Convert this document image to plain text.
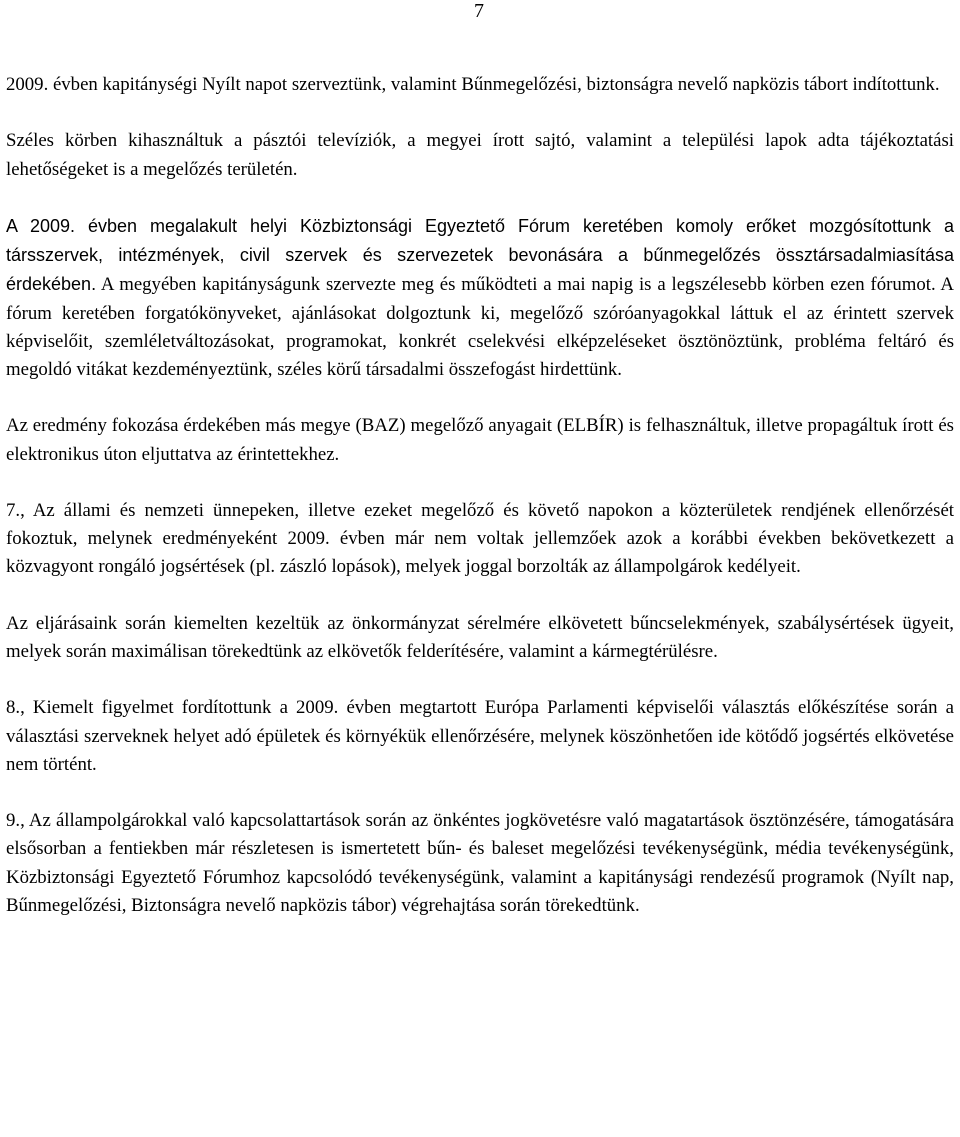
7

2009. évben kapitánységi Nyílt napot szerveztünk, valamint Bűnmegelőzési, biztonságra nevelő napközis tábort indítottunk.

Széles körben kihasználtuk a pásztói televíziók, a megyei írott sajtó, valamint a települési lapok adta tájékoztatási lehetőségeket is a megelőzés területén.

A 2009. évben megalakult helyi Közbiztonsági Egyeztető Fórum keretében komoly erőket mozgósítottunk a társszervek, intézmények, civil szervek és szervezetek bevonására a bűnmegelőzés össztársadalmiasítása érdekében. A megyében kapitányságunk szervezte meg és működteti a mai napig is a legszélesebb körben ezen fórumot. A fórum keretében forgatókönyveket, ajánlásokat dolgoztunk ki, megelőző szóróanyagokkal láttuk el az érintett szervek képviselőit, szemléletváltozásokat, programokat, konkrét cselekvési elképzeléseket ösztönöztünk, probléma feltáró és megoldó vitákat kezdeményeztünk, széles körű társadalmi összefogást hirdettünk.

Az eredmény fokozása érdekében más megye (BAZ) megelőző anyagait (ELBÍR) is felhasználtuk, illetve propagáltuk írott és elektronikus úton eljuttatva az érintettekhez.

7., Az állami és nemzeti ünnepeken, illetve ezeket megelőző és követő napokon a közterületek rendjének ellenőrzését fokoztuk, melynek eredményeként 2009. évben már nem voltak jellemzőek azok a korábbi években bekövetkezett a közvagyont rongáló jogsértések (pl. zászló lopások), melyek joggal borzolták az állampolgárok kedélyeit.

Az eljárásaink során kiemelten kezeltük az önkormányzat sérelmére elkövetett bűncselekmények, szabálysértések ügyeit, melyek során maximálisan törekedtünk az elkövetők felderítésére, valamint a kármegtérülésre.

8., Kiemelt figyelmet fordítottunk a 2009. évben megtartott Európa Parlamenti képviselői választás előkészítése során a választási szerveknek helyet adó épületek és környékük ellenőrzésére, melynek köszönhetően ide kötődő jogsértés elkövetése nem történt.

9., Az állampolgárokkal való kapcsolattartások során az önkéntes jogkövetésre való magatartások ösztönzésére, támogatására elsősorban a fentiekben már részletesen is ismertetett bűn- és baleset megelőzési tevékenységünk, média tevékenységünk, Közbiztonsági Egyeztető Fórumhoz kapcsolódó tevékenységünk, valamint a kapitánysági rendezésű programok (Nyílt nap, Bűnmegelőzési, Biztonságra nevelő napközis tábor) végrehajtása során törekedtünk.
